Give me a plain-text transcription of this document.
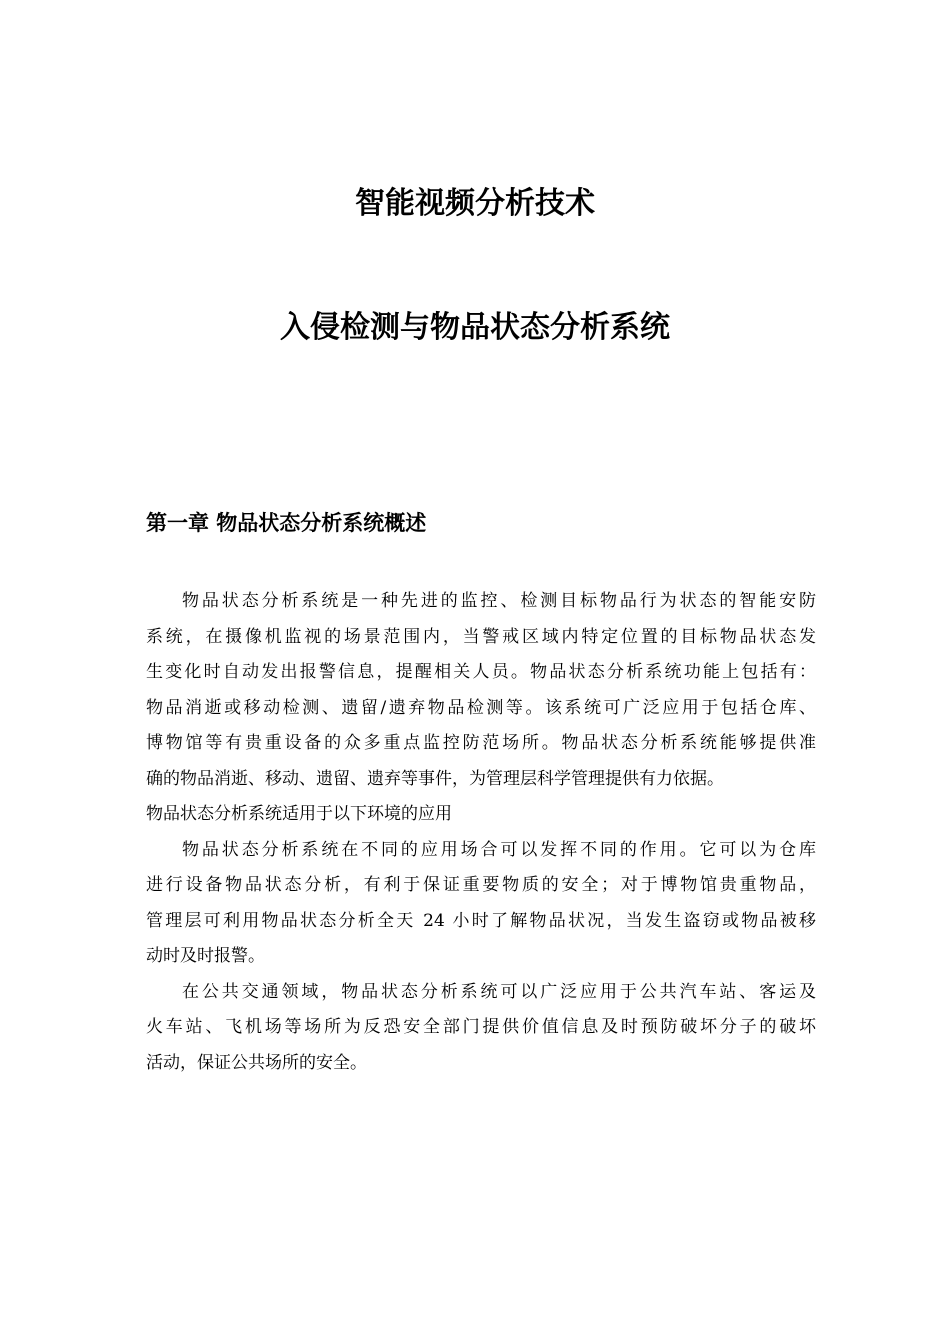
智能视频分析技术
入侵检测与物品状态分析系统
第一章 物品状态分析系统概述

物品状态分析系统是一种先进的监控、检测目标物品行为状态的智能安防
系统，在摄像机监视的场景范围内，当警戒区域内特定位置的目标物品状态发
生变化时自动发出报警信息，提醒相关人员。物品状态分析系统功能上包括有：
物品消逝或移动检测、遗留/遗弃物品检测等。该系统可广泛应用于包括仓库、
博物馆等有贵重设备的众多重点监控防范场所。物品状态分析系统能够提供准
确的物品消逝、移动、遗留、遗弃等事件，为管理层科学管理提供有力依据。
物品状态分析系统适用于以下环境的应用

物品状态分析系统在不同的应用场合可以发挥不同的作用。它可以为仓库
进行设备物品状态分析，有利于保证重要物质的安全；对于博物馆贵重物品，
管理层可利用物品状态分析全天 24 小时了解物品状况，当发生盗窃或物品被移
动时及时报警。

在公共交通领域，物品状态分析系统可以广泛应用于公共汽车站、客运及
火车站、飞机场等场所为反恐安全部门提供价值信息及时预防破坏分子的破坏
活动，保证公共场所的安全。
